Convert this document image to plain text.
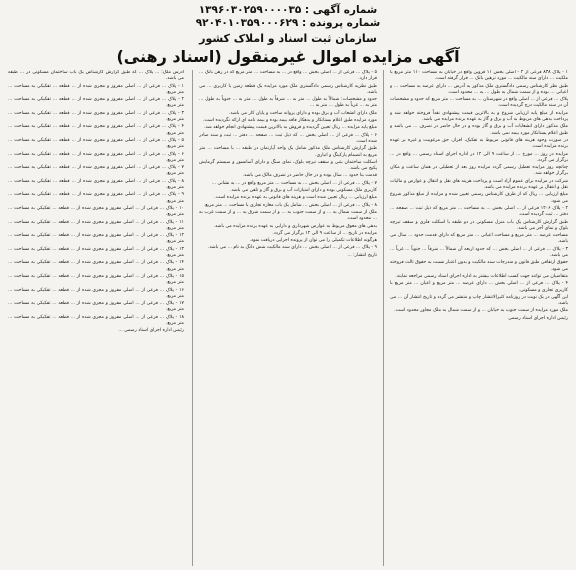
شماره آگهی : ۱۳۹۶۰۳۰۲۵۹۰۰۰۰۳۵
شماره پرونده : ۹۲۰۴۰۱۰۳۵۹۰۰۰۶۲۹
سازمان ثبت اسناد و املاک کشور
آگهی مزایده اموال غیرمنقول (اسناد رهنی)

۱ - پلاک ۸۳۸ فرعی از ۲ - اصلی بخش ۱۱ قزوین واقع در خیابان به مساحت ۱۱۰ متر مربع با ملکیت ... دارای سند مالکیت ... مورد ترهین بانک ... قرار گرفته است.

طبق نظر کارشناس رسمی دادگستری ملک مذکور به آدرس ... دارای عرصه به مساحت ... و اعیانی ... بوده و از سمت شمال به طول ... به ... محدود است.

پلاک ... فرعی از ... اصلی واقع در شهرستان ... به مساحت ... متر مربع که حدود و مشخصات آن در سند مالکیت درج گردیده است.

مزایده از مبلغ پایه ارزیابی شروع و به بالاترین قیمت پیشنهادی نقداً فروخته خواهد شد و پرداخت بدهی های مربوط به آب و برق و گاز به عهده برنده مزایده می باشد.

ملک مذکور دارای انشعابات آب و برق و گاز بوده و در حال حاضر در تصرف ... می باشد و طبق اعلام بستانکار مورد بیمه نمی باشد.

در صورت وجود هزینه های قانونی مربوط به تفکیک، افراز، حق مرغوبیت و غیره بر عهده برنده مزایده است.

مزایده در روز ... مورخ ... از ساعت ۹ الی ۱۲ در اداره اجرای اسناد رسمی ... واقع در ... برگزار می گردد.

چنانچه روز مزایده تعطیل رسمی گردد مزایده روز بعد از تعطیلی در همان ساعت و مکان برگزار خواهد شد.

شرکت در مزایده برای عموم آزاد است و پرداخت هزینه های نقل و انتقال و عوارض و مالیات نقل و انتقال بر عهده برنده مزایده می باشد.

مبلغ ارزیابی ... ریال که از طرف کارشناس رسمی تعیین شده و مزایده از مبلغ مذکور شروع می شود.

۲ - پلاک ۱۲۰۶ فرعی از ... اصلی بخش ... به مساحت ... متر مربع که ذیل ثبت ... صفحه ... دفتر ... ثبت گردیده است.

طبق گزارش کارشناس یک باب منزل مسکونی در دو طبقه با اسکلت فلزی و سقف تیرچه بلوک و نمای آجر می باشد.

مساحت عرصه ... متر مربع و مساحت اعیانی ... متر مربع که دارای قدمت حدود ... سال می باشد.

۳ - پلاک ... فرعی از ... اصلی بخش ... که حدود اربعه آن شمالاً ... شرقاً ... جنوباً ... غرباً ... می باشد.

حقوق ارتفاقی طبق قانون و مندرجات سند مالکیت و بدون اعتبار نسبت به حقوق ثالث فروخته می شود.

متقاضیان می توانند جهت کسب اطلاعات بیشتر به اداره اجرای اسناد رسمی مراجعه نمایند.

۴ - پلاک ... فرعی از ... اصلی بخش ... دارای عرصه ... متر مربع و اعیان ... متر مربع با کاربری تجاری و مسکونی.

این آگهی در یک نوبت در روزنامه کثیرالانتشار چاپ و منتشر می گردد و تاریخ انتشار آن ... می باشد.

ملک مورد مزایده از سمت جنوب به خیابان ... و از سمت شمال به ملک مجاور محدود است.

رئیس اداره اجرای اسناد رسمی

۵ - پلاک ... فرعی از ... اصلی بخش ... واقع در ... به مساحت ... متر مربع که در رهن بانک ... قرار دارد.

طبق نظریه کارشناس رسمی دادگستری ملک مورد مزایده یک قطعه زمین با کاربری ... می باشد.

حدود و مشخصات: شمالاً به طول ... متر به ... شرقاً به طول ... متر به ... جنوباً به طول ... متر به ... غرباً به طول ... متر به ...

ملک دارای انشعاب آب و برق بوده و دارای پروانه ساخت و پایان کار می باشد.

مورد مزایده طبق اعلام بستانکار و بدهکار فاقد بیمه بوده و بیمه نامه ای ارائه نگردیده است.

مبلغ پایه مزایده ... ریال تعیین گردیده و فروش به بالاترین قیمت پیشنهادی انجام خواهد شد.

۶ - پلاک ... فرعی از ... اصلی بخش ... که ذیل ثبت ... صفحه ... دفتر ... ثبت و سند صادر شده است.

طبق گزارش کارشناس ملک مذکور شامل یک واحد آپارتمان در طبقه ... با مساحت ... متر مربع به انضمام پارکینگ و انباری.

اسکلت ساختمان بتنی و سقف تیرچه بلوک، نمای سنگ و دارای آسانسور و سیستم گرمایش پکیج می باشد.

قدمت بنا حدود ... سال بوده و در حال حاضر در تصرف مالک می باشد.

۷ - پلاک ... فرعی از ... اصلی بخش ... به مساحت ... متر مربع واقع در ... به نشانی ...

کاربری ملک مسکونی بوده و دارای امتیازات آب و برق و گاز و تلفن می باشد.

مبلغ ارزیابی ... ریال تعیین شده است و هزینه های قانونی به عهده برنده مزایده است.

۸ - پلاک ... فرعی از ... اصلی بخش ... شامل یک باب مغازه تجاری با مساحت ... متر مربع.

ملک از سمت شمال به ... و از سمت جنوب به ... و از سمت شرق به ... و از سمت غرب به ... محدود است.

بدهی های معوق مربوط به عوارض شهرداری و دارایی به عهده برنده مزایده می باشد.

مزایده در تاریخ ... از ساعت ۹ الی ۱۲ برگزار می گردد.

هرگونه اطلاعات تکمیلی را می توان از پرونده اجرایی دریافت نمود.

۹ - پلاک ... فرعی از ... اصلی بخش ... دارای سند مالکیت شش دانگ به نام ... می باشد.

تاریخ انتشار: ...

آدرس ملک: ... پلاک ... که طبق گزارش کارشناس یک باب ساختمان مسکونی در ... طبقه می باشد.

۱ - پلاک ... فرعی از ... اصلی مفروز و مجزی شده از ... قطعه ... تفکیکی به مساحت ... متر مربع.

۲ - پلاک ... فرعی از ... اصلی مفروز و مجزی شده از ... قطعه ... تفکیکی به مساحت ... متر مربع.

۳ - پلاک ... فرعی از ... اصلی مفروز و مجزی شده از ... قطعه ... تفکیکی به مساحت ... متر مربع.

۴ - پلاک ... فرعی از ... اصلی مفروز و مجزی شده از ... قطعه ... تفکیکی به مساحت ... متر مربع.

۵ - پلاک ... فرعی از ... اصلی مفروز و مجزی شده از ... قطعه ... تفکیکی به مساحت ... متر مربع.

۶ - پلاک ... فرعی از ... اصلی مفروز و مجزی شده از ... قطعه ... تفکیکی به مساحت ... متر مربع.

۷ - پلاک ... فرعی از ... اصلی مفروز و مجزی شده از ... قطعه ... تفکیکی به مساحت ... متر مربع.

۸ - پلاک ... فرعی از ... اصلی مفروز و مجزی شده از ... قطعه ... تفکیکی به مساحت ... متر مربع.

۹ - پلاک ... فرعی از ... اصلی مفروز و مجزی شده از ... قطعه ... تفکیکی به مساحت ... متر مربع.

۱۰ - پلاک ... فرعی از ... اصلی مفروز و مجزی شده از ... قطعه ... تفکیکی به مساحت ... متر مربع.

۱۱ - پلاک ... فرعی از ... اصلی مفروز و مجزی شده از ... قطعه ... تفکیکی به مساحت ... متر مربع.

۱۲ - پلاک ... فرعی از ... اصلی مفروز و مجزی شده از ... قطعه ... تفکیکی به مساحت ... متر مربع.

۱۳ - پلاک ... فرعی از ... اصلی مفروز و مجزی شده از ... قطعه ... تفکیکی به مساحت ... متر مربع.

۱۴ - پلاک ... فرعی از ... اصلی مفروز و مجزی شده از ... قطعه ... تفکیکی به مساحت ... متر مربع.

۱۵ - پلاک ... فرعی از ... اصلی مفروز و مجزی شده از ... قطعه ... تفکیکی به مساحت ... متر مربع.

۱۶ - پلاک ... فرعی از ... اصلی مفروز و مجزی شده از ... قطعه ... تفکیکی به مساحت ... متر مربع.

۱۷ - پلاک ... فرعی از ... اصلی مفروز و مجزی شده از ... قطعه ... تفکیکی به مساحت ... متر مربع.

۱۸ - پلاک ... فرعی از ... اصلی مفروز و مجزی شده از ... قطعه ... تفکیکی به مساحت ... متر مربع.

رئیس اداره اجرای اسناد رسمی ...
